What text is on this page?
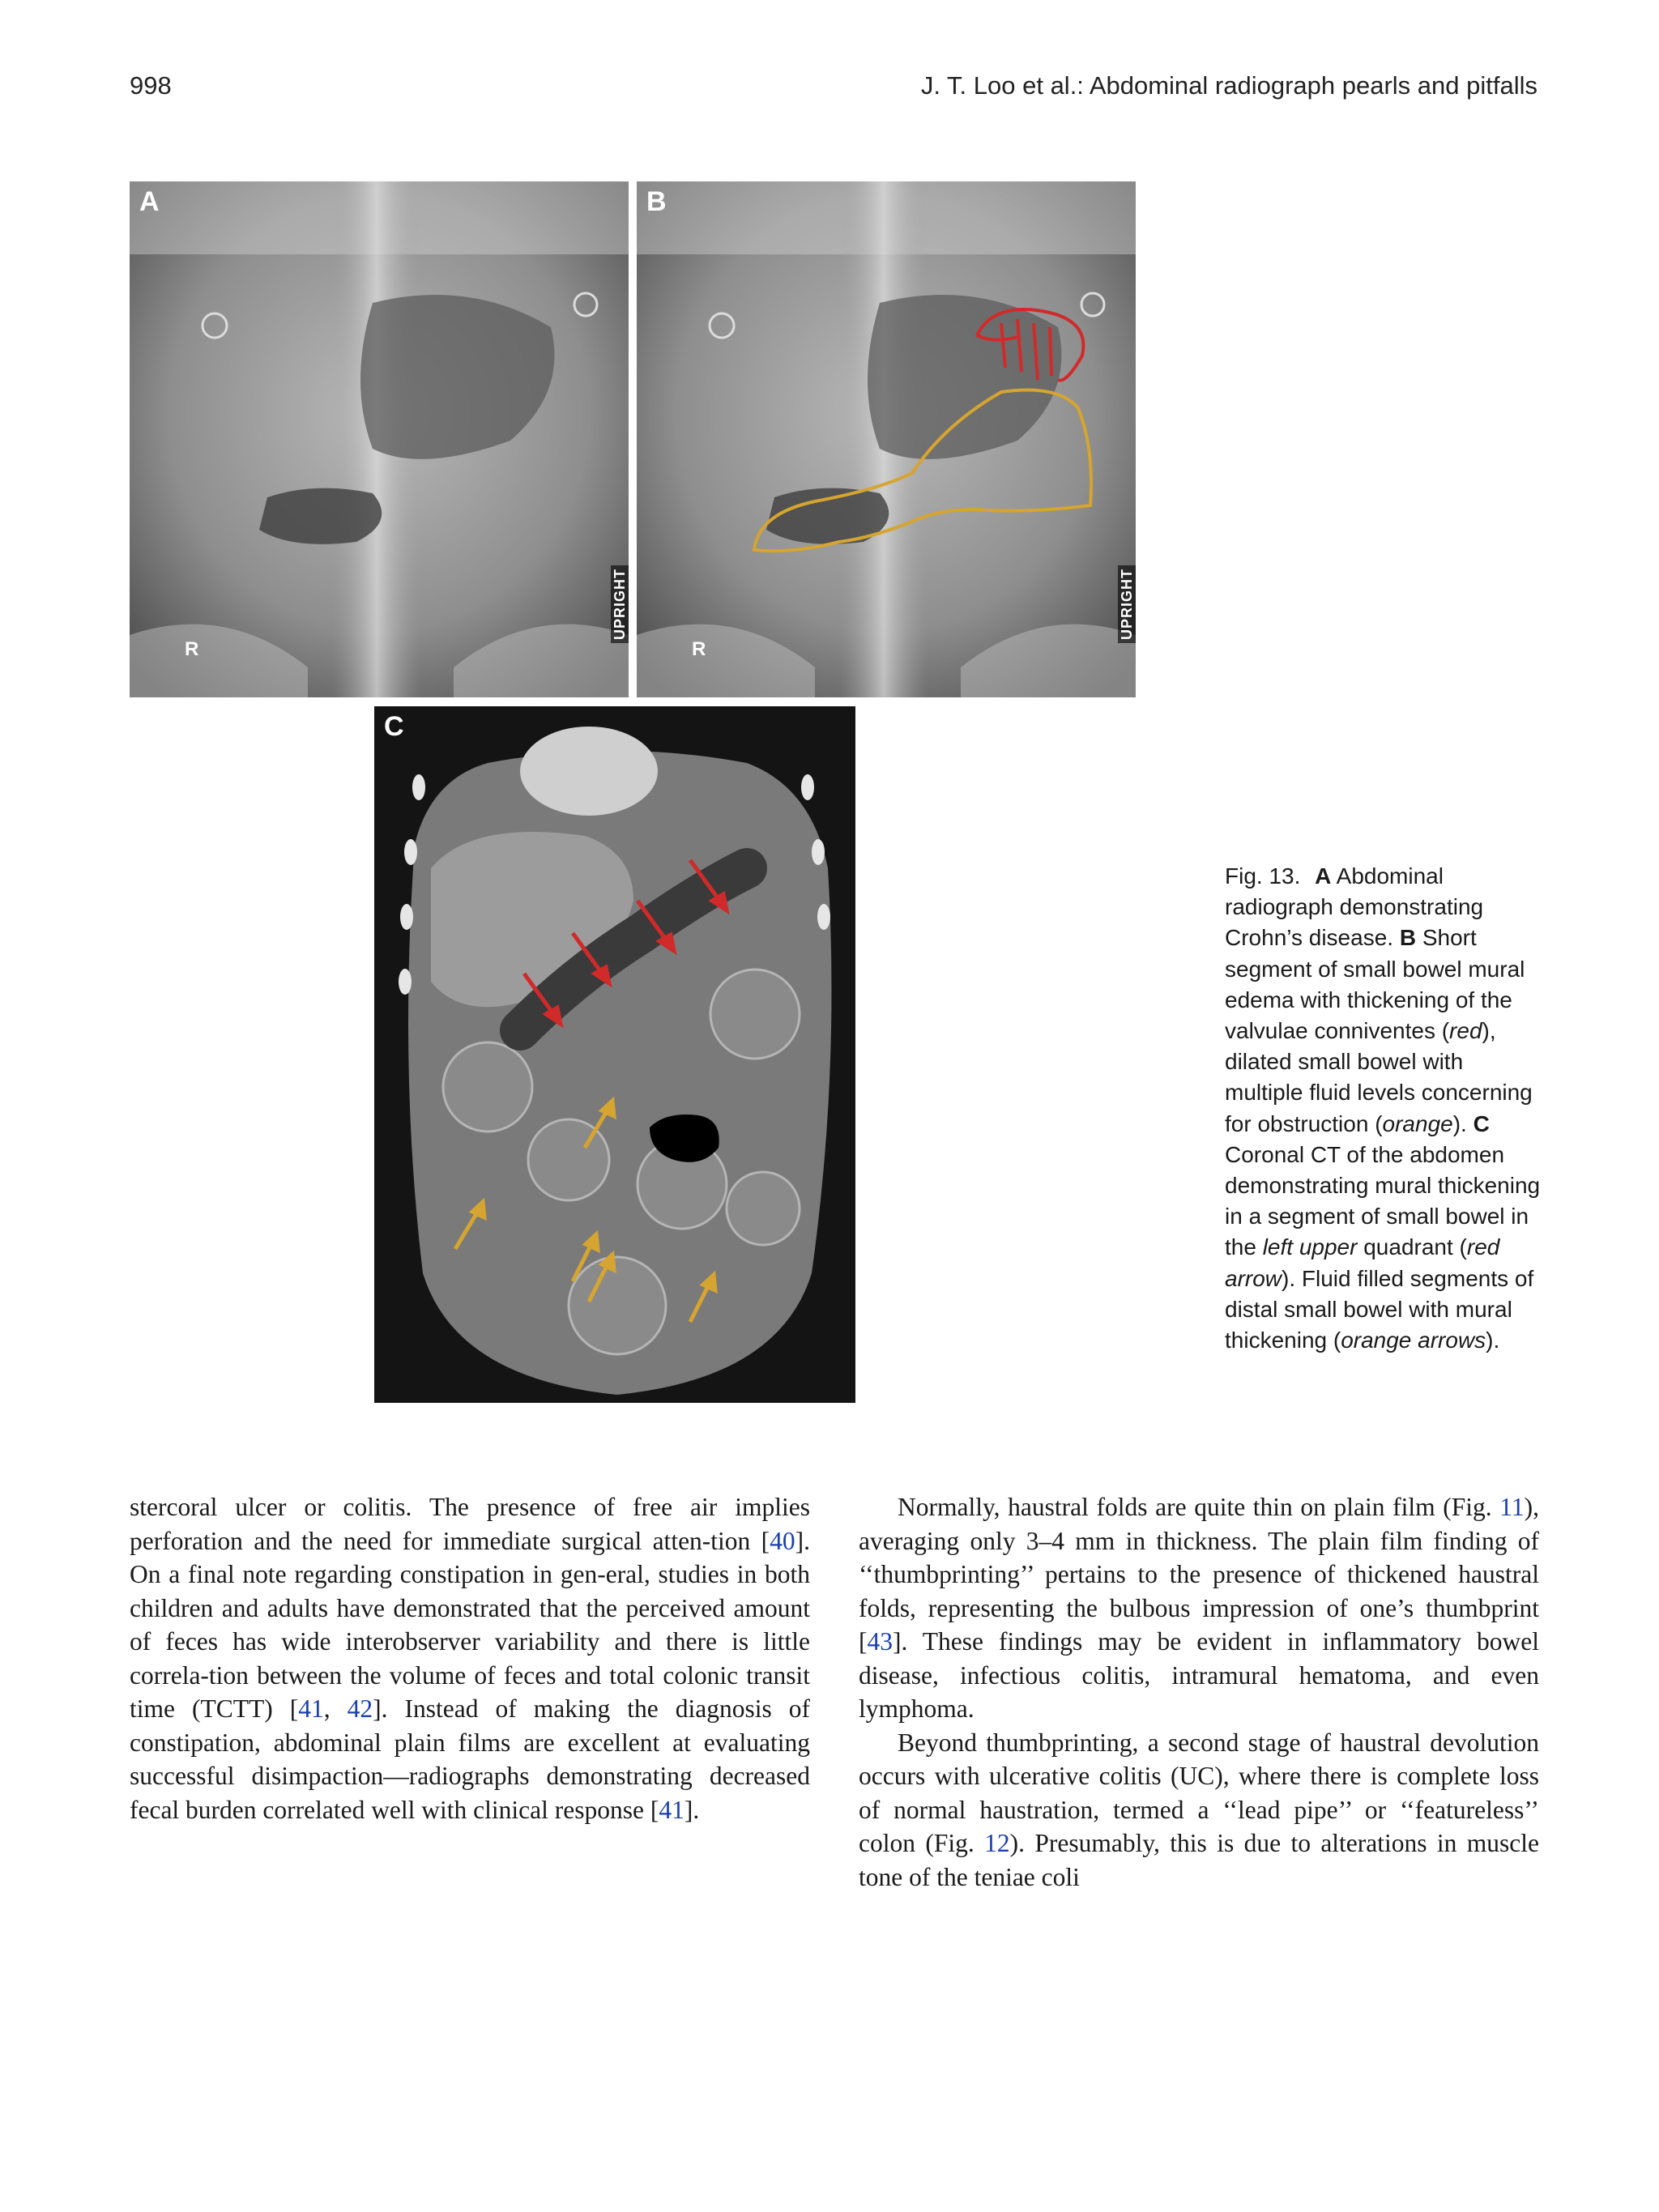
998	J. T. Loo et al.: Abdominal radiograph pearls and pitfalls
A
R
UPRIGHT
B
R
UPRIGHT
C
Fig. 13. A Abdominal radiograph demonstrating Crohn’s disease. B Short segment of small bowel mural edema with thickening of the valvulae conniventes (red), dilated small bowel with multiple fluid levels concerning for obstruction (orange). C Coronal CT of the abdomen demonstrating mural thickening in a segment of small bowel in the left upper quadrant (red arrow). Fluid filled segments of distal small bowel with mural thickening (orange arrows).

stercoral ulcer or colitis. The presence of free air implies perforation and the need for immediate surgical atten-tion [40]. On a final note regarding constipation in gen-eral, studies in both children and adults have demonstrated that the perceived amount of feces has wide interobserver variability and there is little correla-tion between the volume of feces and total colonic transit time (TCTT) [41, 42]. Instead of making the diagnosis of constipation, abdominal plain films are excellent at evaluating successful disimpaction—radiographs demonstrating decreased fecal burden correlated well with clinical response [41].

Normally, haustral folds are quite thin on plain film (Fig. 11), averaging only 3–4 mm in thickness. The plain film finding of ‘‘thumbprinting’’ pertains to the presence of thickened haustral folds, representing the bulbous impression of one’s thumbprint [43]. These findings may be evident in inflammatory bowel disease, infectious colitis, intramural hematoma, and even lymphoma.

Beyond thumbprinting, a second stage of haustral devolution occurs with ulcerative colitis (UC), where there is complete loss of normal haustration, termed a ‘‘lead pipe’’ or ‘‘featureless’’ colon (Fig. 12). Presumably, this is due to alterations in muscle tone of the teniae coli
